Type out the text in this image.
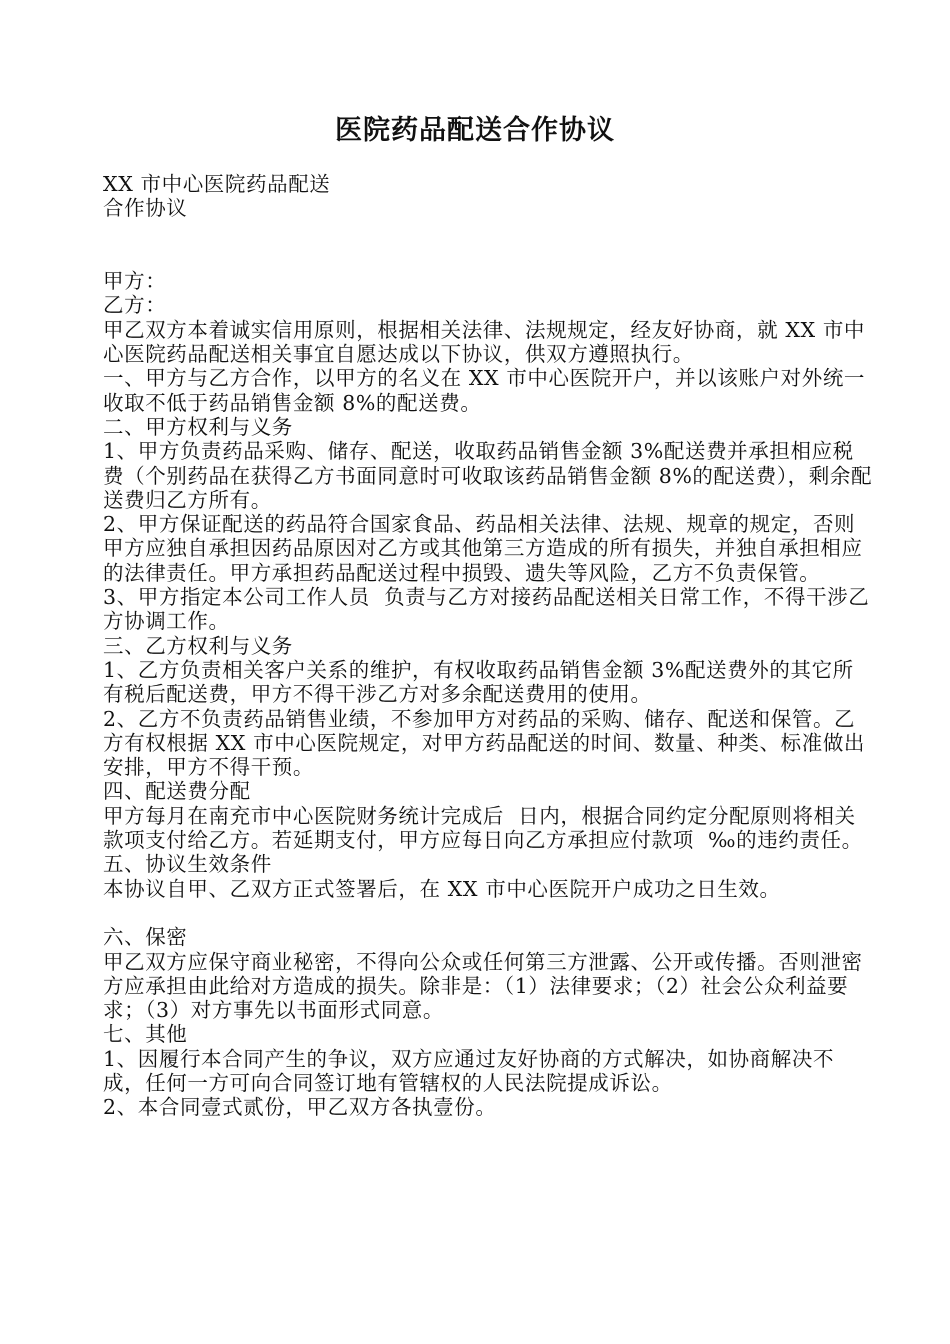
医院药品配送合作协议

XX 市中心医院药品配送

合作协议

甲方：

乙方：

甲乙双方本着诚实信用原则，根据相关法律、法规规定，经友好协商，就 XX 市中心医院药品配送相关事宜自愿达成以下协议，供双方遵照执行。

一、甲方与乙方合作，以甲方的名义在 XX 市中心医院开户，并以该账户对外统一收取不低于药品销售金额 8%的配送费。

二、甲方权利与义务

1、甲方负责药品采购、储存、配送，收取药品销售金额 3%配送费并承担相应税费（个别药品在获得乙方书面同意时可收取该药品销售金额 8%的配送费），剩余配送费归乙方所有。

2、甲方保证配送的药品符合国家食品、药品相关法律、法规、规章的规定，否则甲方应独自承担因药品原因对乙方或其他第三方造成的所有损失，并独自承担相应的法律责任。甲方承担药品配送过程中损毁、遗失等风险，乙方不负责保管。

3、甲方指定本公司工作人员  负责与乙方对接药品配送相关日常工作，不得干涉乙方协调工作。

三、乙方权利与义务

1、乙方负责相关客户关系的维护，有权收取药品销售金额 3%配送费外的其它所有税后配送费，甲方不得干涉乙方对多余配送费用的使用。

2、乙方不负责药品销售业绩，不参加甲方对药品的采购、储存、配送和保管。乙方有权根据 XX 市中心医院规定，对甲方药品配送的时间、数量、种类、标准做出安排，甲方不得干预。

四、配送费分配

甲方每月在南充市中心医院财务统计完成后  日内，根据合同约定分配原则将相关款项支付给乙方。若延期支付，甲方应每日向乙方承担应付款项  ‰的违约责任。

五、协议生效条件

本协议自甲、乙双方正式签署后，在 XX 市中心医院开户成功之日生效。

六、保密

甲乙双方应保守商业秘密，不得向公众或任何第三方泄露、公开或传播。否则泄密方应承担由此给对方造成的损失。除非是：（1）法律要求；（2）社会公众利益要求；（3）对方事先以书面形式同意。

七、其他

1、因履行本合同产生的争议，双方应通过友好协商的方式解决，如协商解决不成，任何一方可向合同签订地有管辖权的人民法院提成诉讼。

2、本合同壹式贰份，甲乙双方各执壹份。
